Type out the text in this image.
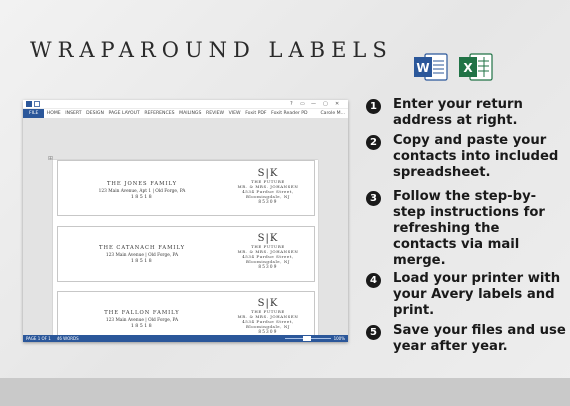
WRAPAROUND LABELS
W	X
? ▭ — ▢ ✕
FILE	HOME INSERT DESIGN PAGE LAYOUT REFERENCES MAILINGS REVIEW VIEW Foxit PDF Foxit Reader PD	Carole M...
⊞
THE JONES FAMILY
123 Main Avenue, Apt 1 | Old Forge, PA
18518
S|K
THE FUTURE
MR. & MRS. JOHANSEN
4534 Purdue Street, Bloomingdale, NJ
85309
THE CATANACH FAMILY
123 Main Avenue | Old Forge, PA
18518
S|K
THE FUTURE
MR. & MRS. JOHANSEN
4534 Purdue Street, Bloomingdale, NJ
85309
THE FALLON FAMILY
123 Main Avenue | Old Forge, PA
18518
S|K
THE FUTURE
MR. & MRS. JOHANSEN
4534 Purdue Street, Bloomingdale, NJ
85309
PAGE 1 OF 1	46 WORDS	100%
1	Enter your return address at right.
2	Copy and paste your contacts into included spreadsheet.
3	Follow the step-by-step instructions for refreshing the contacts via mail merge.
4	Load your printer with your Avery labels and print.
5	Save your files and use year after year.
